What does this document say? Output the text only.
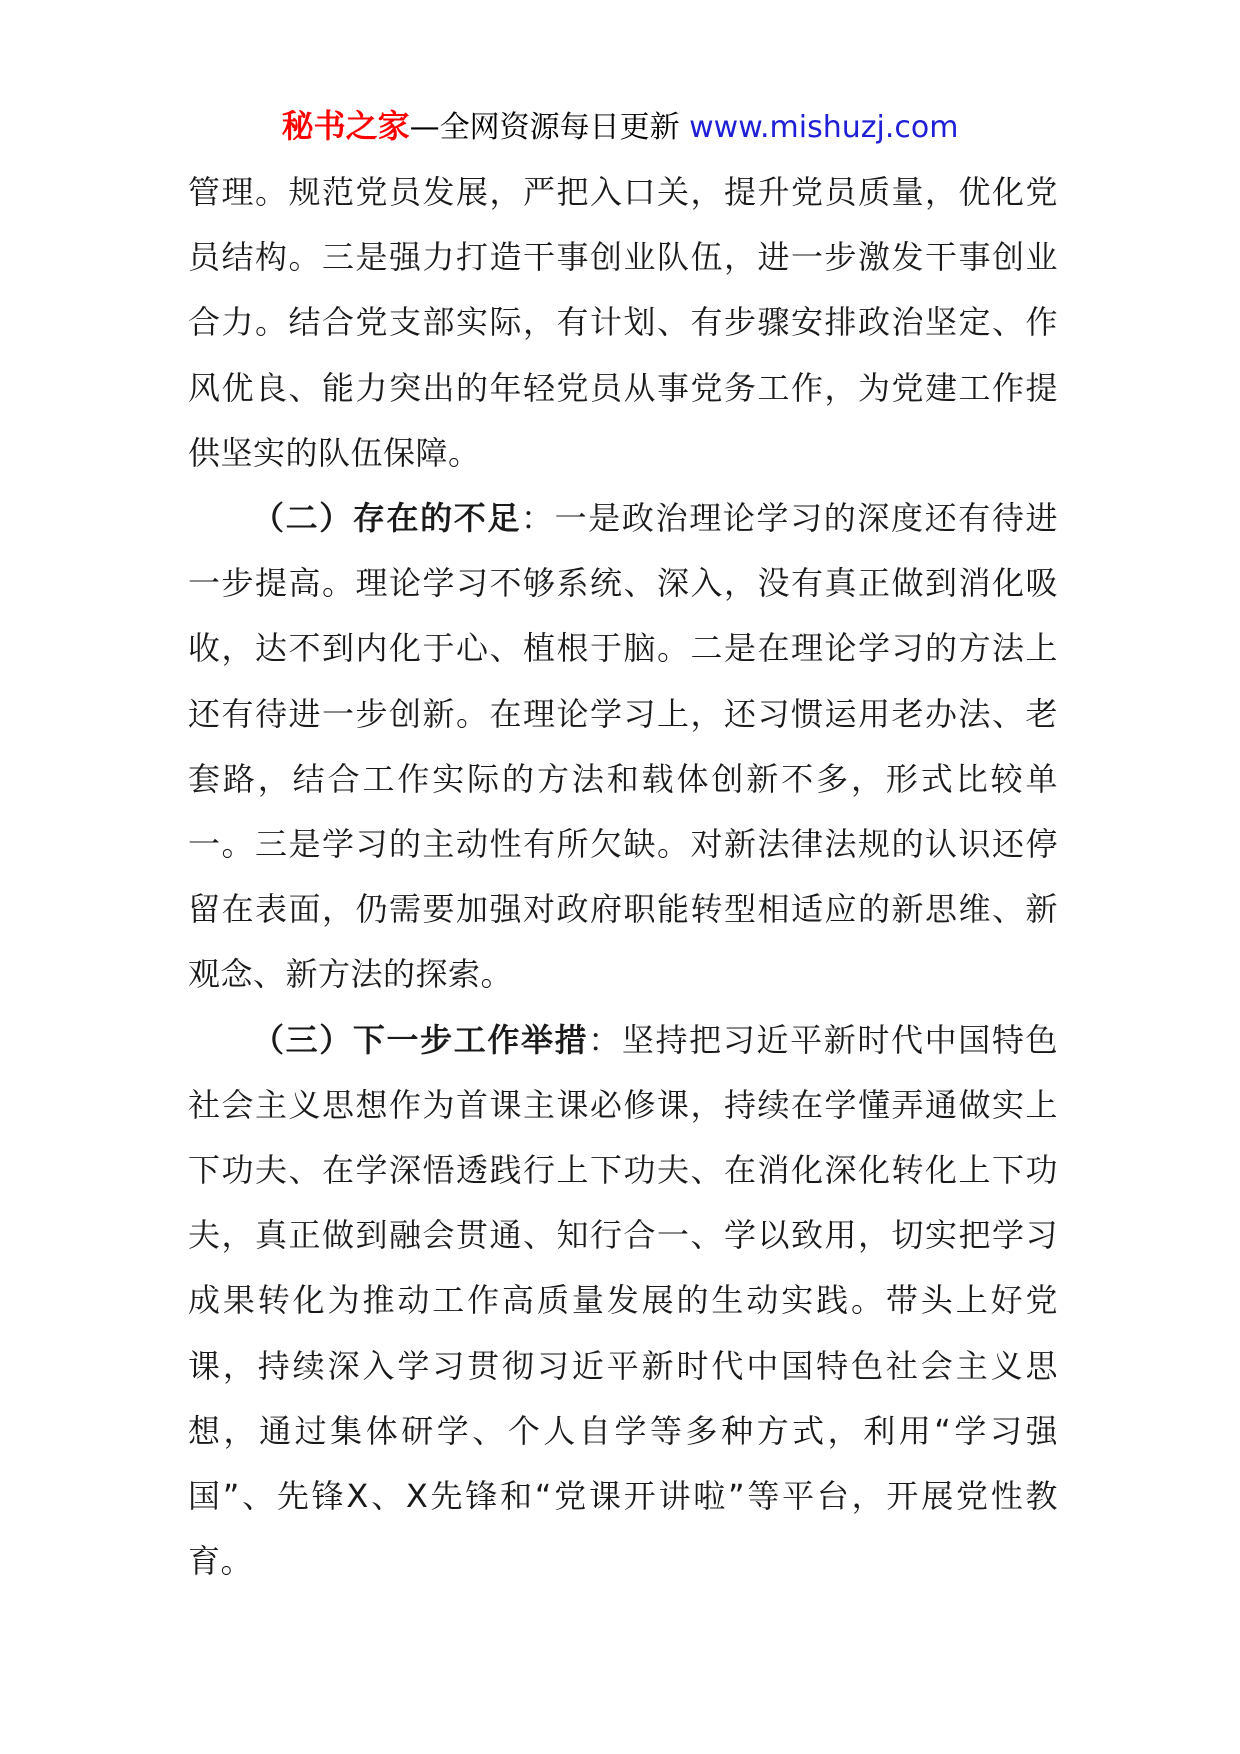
秘书之家—全网资源每日更新 www.mishuzj.com

管理。规范党员发展，严把入口关，提升党员质量，优化党员结构。三是强力打造干事创业队伍，进一步激发干事创业合力。结合党支部实际，有计划、有步骤安排政治坚定、作风优良、能力突出的年轻党员从事党务工作，为党建工作提供坚实的队伍保障。

（二）存在的不足：一是政治理论学习的深度还有待进一步提高。理论学习不够系统、深入，没有真正做到消化吸收，达不到内化于心、植根于脑。二是在理论学习的方法上还有待进一步创新。在理论学习上，还习惯运用老办法、老套路，结合工作实际的方法和载体创新不多，形式比较单一。三是学习的主动性有所欠缺。对新法律法规的认识还停留在表面，仍需要加强对政府职能转型相适应的新思维、新观念、新方法的探索。

（三）下一步工作举措：坚持把习近平新时代中国特色社会主义思想作为首课主课必修课，持续在学懂弄通做实上下功夫、在学深悟透践行上下功夫、在消化深化转化上下功夫，真正做到融会贯通、知行合一、学以致用，切实把学习成果转化为推动工作高质量发展的生动实践。带头上好党课，持续深入学习贯彻习近平新时代中国特色社会主义思想，通过集体研学、个人自学等多种方式，利用“学习强国”、先锋X、X先锋和“党课开讲啦”等平台，开展党性教育。
